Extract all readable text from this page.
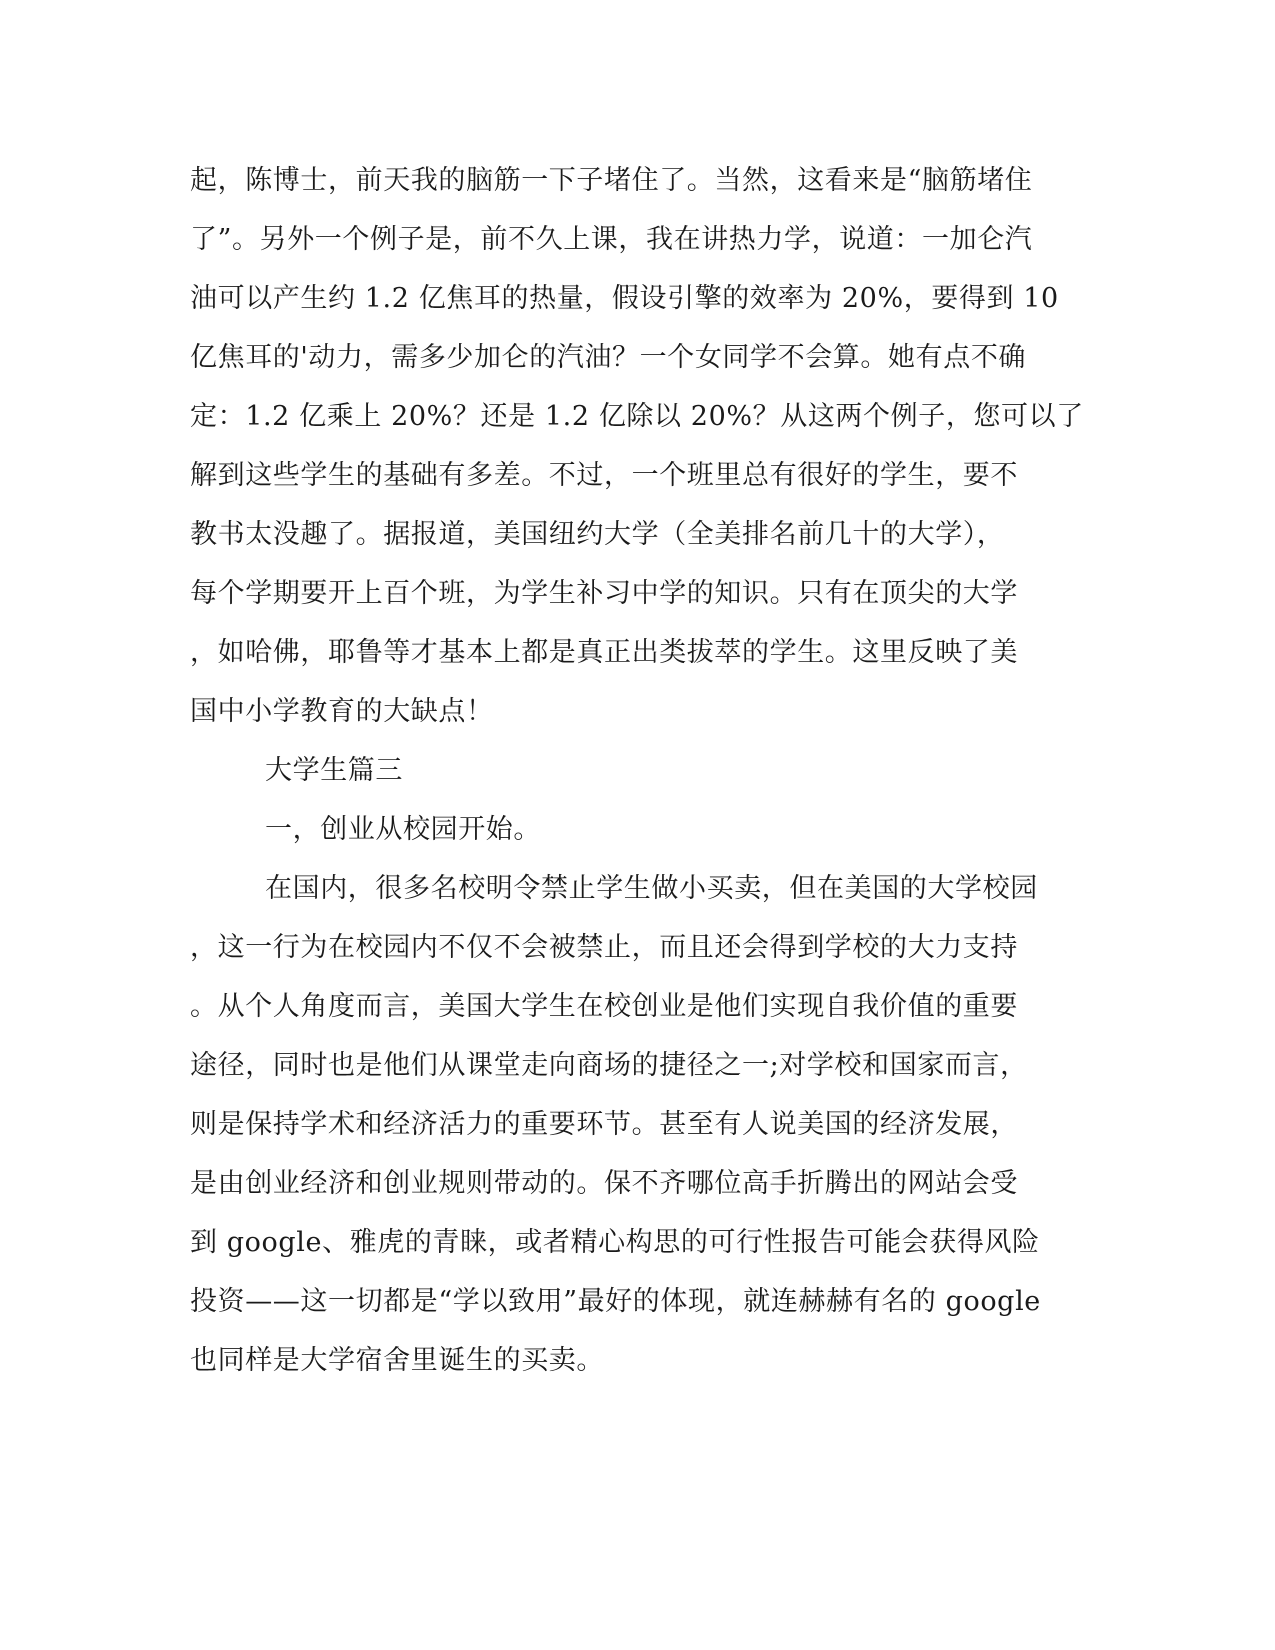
起，陈博士，前天我的脑筋一下子堵住了。当然，这看来是“脑筋堵住
了”。另外一个例子是，前不久上课，我在讲热力学，说道：一加仑汽
油可以产生约 1.2 亿焦耳的热量，假设引擎的效率为 20%，要得到 10
亿焦耳的'动力，需多少加仑的汽油？一个女同学不会算。她有点不确
定：1.2 亿乘上 20%？还是 1.2 亿除以 20%？从这两个例子，您可以了
解到这些学生的基础有多差。不过，一个班里总有很好的学生，要不
教书太没趣了。据报道，美国纽约大学（全美排名前几十的大学），
每个学期要开上百个班，为学生补习中学的知识。只有在顶尖的大学
，如哈佛，耶鲁等才基本上都是真正出类拔萃的学生。这里反映了美
国中小学教育的大缺点！
大学生篇三
一，创业从校园开始。
在国内，很多名校明令禁止学生做小买卖，但在美国的大学校园
，这一行为在校园内不仅不会被禁止，而且还会得到学校的大力支持
。从个人角度而言，美国大学生在校创业是他们实现自我价值的重要
途径，同时也是他们从课堂走向商场的捷径之一;对学校和国家而言，
则是保持学术和经济活力的重要环节。甚至有人说美国的经济发展，
是由创业经济和创业规则带动的。保不齐哪位高手折腾出的网站会受
到 google、雅虎的青睐，或者精心构思的可行性报告可能会获得风险
投资——这一切都是“学以致用”最好的体现，就连赫赫有名的 google
也同样是大学宿舍里诞生的买卖。
